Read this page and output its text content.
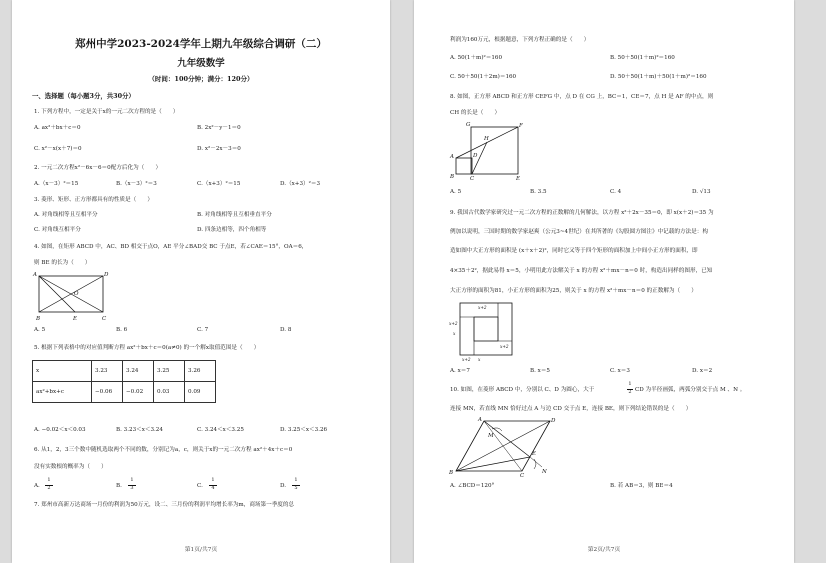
郑州中学2023-2024学年上期九年级综合调研（二）
九年级数学
（时间：100分钟；满分：120分）
一、选择题（每小题3分，共30分）
1. 下列方程中，一定是关于x的一元二次方程的是（　　）
A. ax²＋bx＋c＝0	B. 2x²－y－1＝0
C. x²－x(x＋7)＝0	D. x²－2x－3＝0
2. 一元二次方程x²－6x－6＝0配方后化为（　　）
A.（x－3）²＝15	B.（x－3）²＝3	C.（x+3）²＝15	D.（x+3）²＝3
3. 菱形、矩形、正方形都具有的性质是（　　）
A. 对角线相等且互相平分	B. 对角线相等且互相垂直平分
C. 对角线互相平分	D. 四条边相等，四个角相等
4. 如图，在矩形 ABCD 中，AC、BD 相交于点O，AE 平分∠BAD交 BC 于点E，若∠CAE＝15°，OA＝6，
则 BE 的长为（　　）
A	D
O
B	E	C
A. 5	B. 6	C. 7	D. 8
5. 根据下列表格中的对应值判断方程 ax²＋bx＋c＝0(a≠0) 的一个解x取值范围是（　　）
x	3.23	3.24	3.25	3.26
ax²+bx+c	−0.06	−0.02	0.03	0.09
A. −0.02＜x＜0.03	B. 3.23＜x＜3.24	C. 3.24＜x＜3.25	D. 3.25＜x＜3.26
6. 从1，2，3三个数中随机选取两个不同的数，分别记为a，c，则关于x的一元二次方程 ax²＋4x＋c＝0
没有实数根的概率为（　　）
A.
1
2	B.
1
3	C.
1
4	D.
1
5
7. 郑州市高新万达商场一月份的利润为50万元，设二、三月份的利润平均增长率为m，商场第一季度的总
第1页/共7页
利润为160万元，根据题意，下列方程正确的是（　　）
A. 50(1＋m)²＝160	B. 50＋50(1＋m)²＝160
C. 50＋50(1＋2m)＝160	D. 50＋50(1＋m)＋50(1＋m)²＝160
8. 如图，正方形 ABCD 和正方形 CEFG 中，点 D 在 CG 上，BC＝1，CE＝7，点 H 是 AF 的中点，则
CH 的长是（　　）
G	F
H
A	D
B	C	E
A. 5	B. 3.5	C. 4	D. √13
9. 我国古代数学家研究过一元二次方程的正数解的几何解法，以方程 x²＋2x－35＝0，即 x(x＋2)＝35 为
例加以说明，三国时期的数学家赵爽（公元3~4世纪）在其所著的《勾股圆方图注》中记载的方法是：构
造如图中大正方形的面积是 (x＋x＋2)²，同时它又等于四个矩形的面积加上中间小正方形的面积，即
4×35＋2²，据此易得 x＝5，小明用此方法解关于 x 的方程 x²＋mx－n＝0 时，构造出同样的图形，已知
大正方形的面积为81，小正方形的面积为25，则关于 x 的方程 x²＋mx－n＝0 的正数解为（　　）
x+2
x+2
x
x+2
x+2 x
A. x＝7	B. x＝5	C. x＝3	D. x＝2
10. 如图，在菱形 ABCD 中，分别以 C、D 为圆心，大于
1
2 CD 为半径画弧，两弧分别交于点 M 、N 。
连接 MN，若直线 MN 恰好过点 A 与边 CD 交于点 E，连接 BE，则下列结论错误的是（　　）
A	D
M
E
B	C
N
A. ∠BCD＝120°	B. 若 AB＝3，则 BE＝4
第2页/共7页
